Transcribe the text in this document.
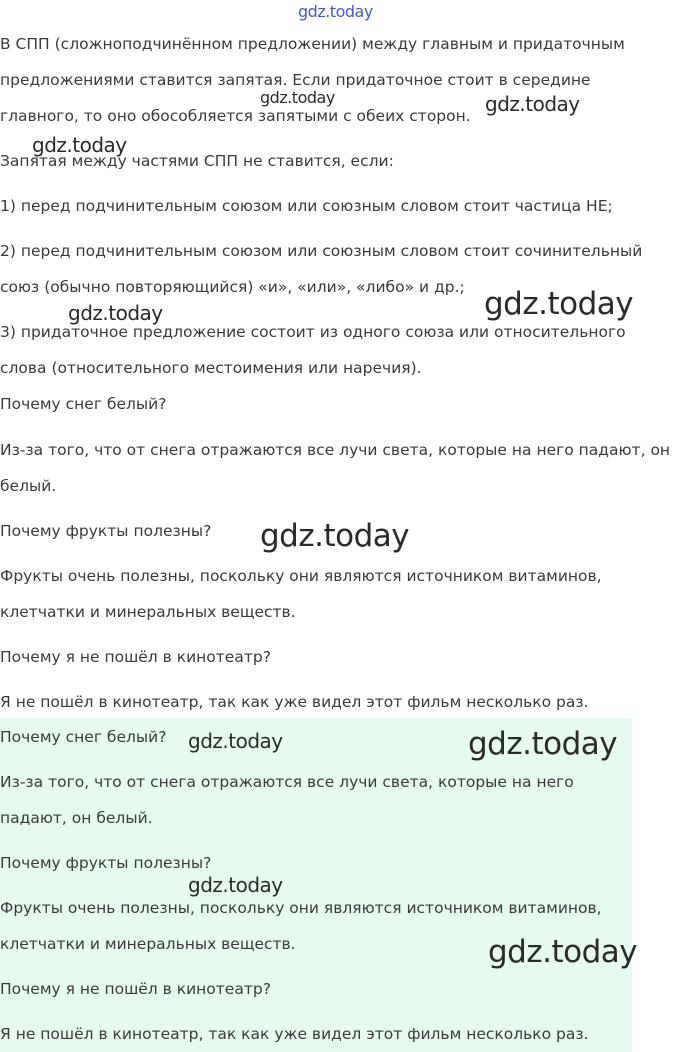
gdz.today

В СПП (сложноподчинённом предложении) между главным и придаточным

предложениями ставится запятая. Если придаточное стоит в середине

главного, то оно обособляется запятыми с обеих сторон.

Запятая между частями СПП не ставится, если:

1) перед подчинительным союзом или союзным словом стоит частица НЕ;

2) перед подчинительным союзом или союзным словом стоит сочинительный

союз (обычно повторяющийся) «и», «или», «либо» и др.;

3) придаточное предложение состоит из одного союза или относительного

слова (относительного местоимения или наречия).

Почему снег белый?

Из-за того, что от снега отражаются все лучи света, которые на него падают, он

белый.

Почему фрукты полезны?

Фрукты очень полезны, поскольку они являются источником витаминов,

клетчатки и минеральных веществ.

Почему я не пошёл в кинотеатр?

Я не пошёл в кинотеатр, так как уже видел этот фильм несколько раз.

Почему снег белый?

Из-за того, что от снега отражаются все лучи света, которые на него

падают, он белый.

Почему фрукты полезны?

Фрукты очень полезны, поскольку они являются источником витаминов,

клетчатки и минеральных веществ.

Почему я не пошёл в кинотеатр?

Я не пошёл в кинотеатр, так как уже видел этот фильм несколько раз.

gdz.today	gdz.today
gdz.today
gdz.today
gdz.today
gdz.today
gdz.today	gdz.today
gdz.today
gdz.today
